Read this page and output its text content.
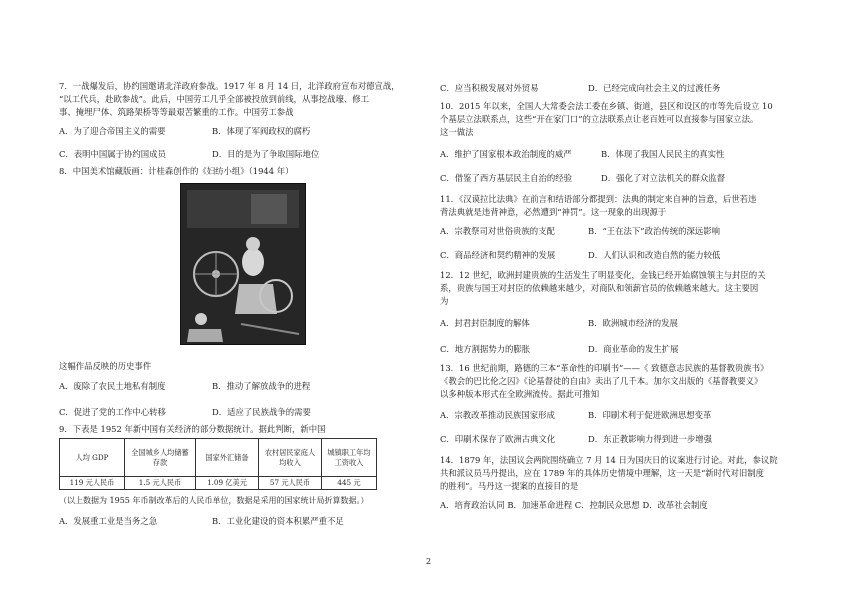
7．一战爆发后，协约国邀请北洋政府参战。1917 年 8 月 14 日，北洋政府宣布对德宣战，
“以工代兵，赴欧参战”。此后，中国劳工几乎全部被投放到前线，从事挖战壕、修工
事、掩埋尸体、筑路架桥等等最艰苦繁重的工作。中国劳工参战
A．为了迎合帝国主义的需要	B．体现了军阀政权的腐朽
C．表明中国属于协约国成员	D．目的是为了争取国际地位
8．中国美术馆藏版画：计桂森创作的《妇纺小组》（1944 年）
这幅作品反映的历史事件
A．废除了农民土地私有制度	B．推动了解放战争的进程
C．促进了党的工作中心转移	D．适应了民族战争的需要
9．下表是 1952 年新中国有关经济的部分数据统计。据此判断，新中国
人均 GDP	全国城乡人均储蓄存款	国家外汇储备	农村居民家庭人均收入	城镇职工年均工资收入
119 元人民币	1.5 元人民币	1.09 亿美元	57 元人民币	445 元
（以上数据为 1955 年币制改革后的人民币单位，数据是采用的国家统计局折算数据。）
A．发展重工业是当务之急	B．工业化建设的资本积累严重不足
C．应当积极发展对外贸易	D．已经完成向社会主义的过渡任务
10．2015 年以来，全国人大常委会法工委在乡镇、街道，县区和设区的市等先后设立 10
个基层立法联系点，这些“开在家门口”的立法联系点让老百姓可以直接参与国家立法。
这一做法
A．维护了国家根本政治制度的威严	B．体现了我国人民民主的真实性
C．借鉴了西方基层民主自治的经验	D．强化了对立法机关的群众监督
11．《汉谟拉比法典》在前言和结语部分都提到：法典的制定来自神的旨意，后世若违
背法典就是违背神意，必然遭到“神罚”。这一现象的出现源于
A．宗教祭司对世俗贵族的支配	B．“王在法下”政治传统的深远影响
C．商品经济和契约精神的发展	D．人们认识和改造自然的能力较低
12．12 世纪，欧洲封建贵族的生活发生了明显变化，金钱已经开始腐蚀領主与封臣的关
系，贵族与国王对封臣的依赖越来越少，对商队和领薪官员的依赖越来越大。这主要因
为
A．封君封臣制度的解体	B．欧洲城市经济的发展
C．地方割据势力的膨胀	D．商业革命的发生扩展
13．16 世纪前期，路德的三本“革命性的印刷书”——《 致德意志民族的基督教贵族书》
《教会的巴比伦之囚》《论基督徒的自由》卖出了几千本。加尔文出版的《基督教要义》
以多种版本形式在全欧洲流传。据此可推知
A．宗教改革推动民族国家形成	B．印刷术利于促进欧洲思想变革
C．印刷术保存了欧洲古典文化	D．东正教影响力得到进一步增强
14．1879 年，法国议会两院围绕确立 7 月 14 日为国庆日的议案进行讨论。对此，参议院
共和派议员马丹提出，应在 1789 年的具体历史情境中理解，这一天是“新时代对旧制度
的胜利”。马丹这一提案的直接目的是
A．培育政治认同 B．加速革命进程 C．控制民众思想 D．改革社会制度
2
